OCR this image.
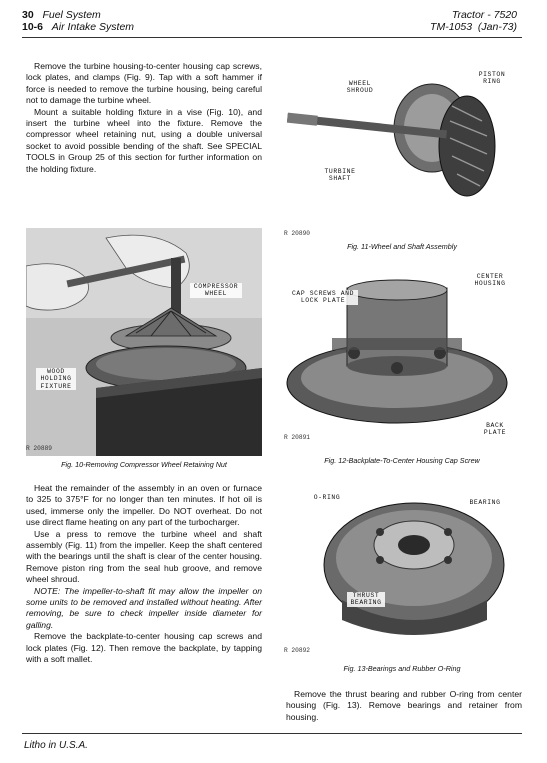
30 Fuel System
10-6 Air Intake System
Tractor - 7520
TM-1053 (Jan-73)

Remove the turbine housing-to-center housing cap screws, lock plates, and clamps (Fig. 9). Tap with a soft hammer if force is needed to remove the turbine housing, being careful not to damage the turbine wheel.

Mount a suitable holding fixture in a vise (Fig. 10), and insert the turbine wheel into the fixture. Remove the compressor wheel retaining nut, using a double universal socket to avoid possible bending of the shaft. See SPECIAL TOOLS in Group 25 of this section for further information on the holding fixture.

COMPRESSOR WHEEL
WOOD HOLDING FIXTURE
R 20889
Fig. 10-Removing Compressor Wheel Retaining Nut

Heat the remainder of the assembly in an oven or furnace to 325 to 375°F for no longer than ten minutes. If hot oil is used, immerse only the impeller. Do NOT overheat. Do not use direct flame heating on any part of the turbocharger.

Use a press to remove the turbine wheel and shaft assembly (Fig. 11) from the impeller. Keep the shaft centered with the bearings until the shaft is clear of the center housing. Remove piston ring from the seal hub groove, and remove wheel shroud.

NOTE: The impeller-to-shaft fit may allow the impeller on some units to be removed and installed without heating. After removing, be sure to check impeller inside diameter for galling.

Remove the backplate-to-center housing cap screws and lock plates (Fig. 12). Then remove the backplate, by tapping with a soft mallet.

WHEEL SHROUD
PISTON RING
TURBINE SHAFT
R 20890
Fig. 11-Wheel and Shaft Assembly
CENTER HOUSING
CAP SCREWS AND LOCK PLATE
BACK PLATE
R 20891
Fig. 12-Backplate-To-Center Housing Cap Screw
O-RING
BEARING
THRUST BEARING
R 20892
Fig. 13-Bearings and Rubber O-Ring

Remove the thrust bearing and rubber O-ring from center housing (Fig. 13). Remove bearings and retainer from housing.

Litho in U.S.A.
